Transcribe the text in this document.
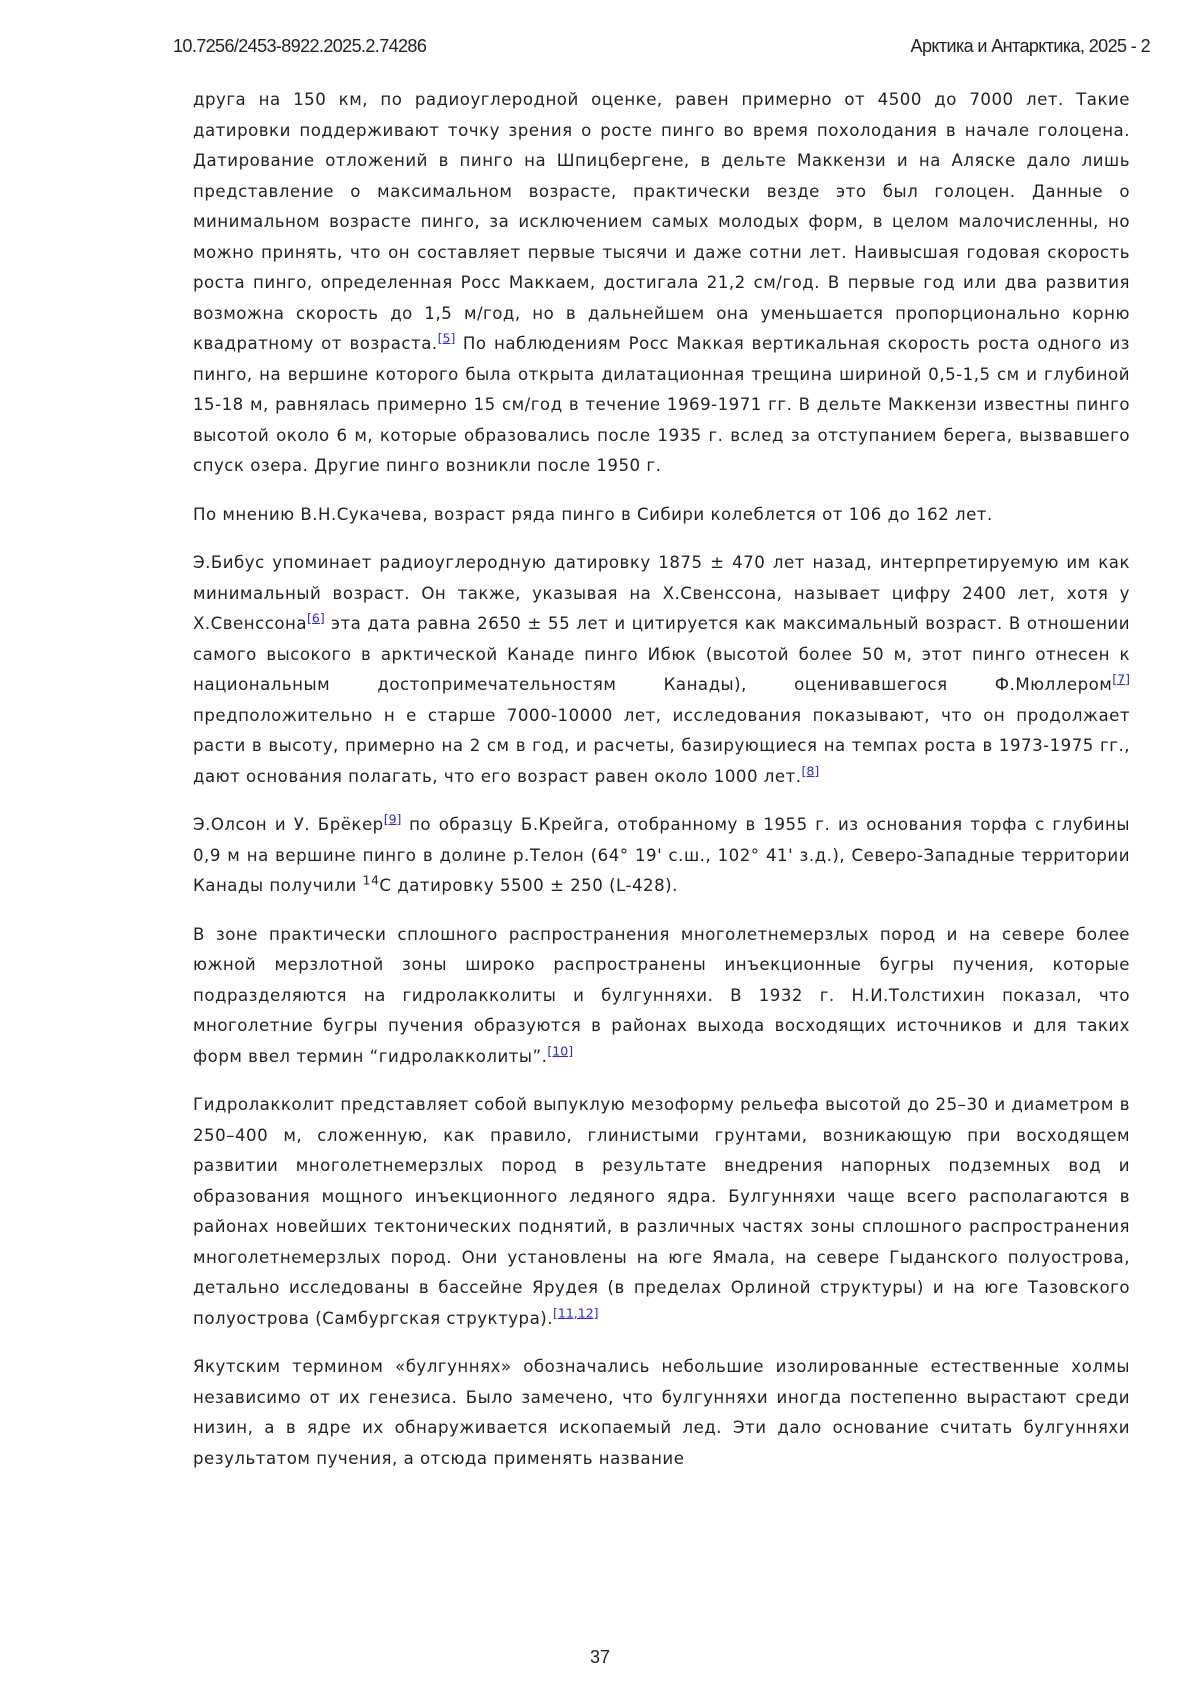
10.7256/2453-8922.2025.2.74286	Арктика и Антарктика, 2025 - 2

друга на 150 км, по радиоуглеродной оценке, равен примерно от 4500 до 7000 лет. Такие датировки поддерживают точку зрения о росте пинго во время похолодания в начале голоцена. Датирование отложений в пинго на Шпицбергене, в дельте Маккензи и на Аляске дало лишь представление о максимальном возрасте, практически везде это был голоцен. Данные о минимальном возрасте пинго, за исключением самых молодых форм, в целом малочисленны, но можно принять, что он составляет первые тысячи и даже сотни лет. Наивысшая годовая скорость роста пинго, определенная Росс Маккаем, достигала 21,2 см/год. В первые год или два развития возможна скорость до 1,5 м/год, но в дальнейшем она уменьшается пропорционально корню квадратному от возраста.[5] По наблюдениям Росс Маккая вертикальная скорость роста одного из пинго, на вершине которого была открыта дилатационная трещина шириной 0,5-1,5 см и глубиной 15-18 м, равнялась примерно 15 см/год в течение 1969-1971 гг. В дельте Маккензи известны пинго высотой около 6 м, которые образовались после 1935 г. вслед за отступанием берега, вызвавшего спуск озера. Другие пинго возникли после 1950 г.

По мнению В.Н.Сукачева, возраст ряда пинго в Сибири колеблется от 106 до 162 лет.

Э.Бибус упоминает радиоуглеродную датировку 1875 ± 470 лет назад, интерпретируемую им как минимальный возраст. Он также, указывая на Х.Свенссона, называет цифру 2400 лет, хотя у Х.Свенссона[6] эта дата равна 2650 ± 55 лет и цитируется как максимальный возраст. В отношении самого высокого в арктической Канаде пинго Ибюк (высотой более 50 м, этот пинго отнесен к национальным достопримечательностям Канады), оценивавшегося Ф.Мюллером[7] предположительно н е старше 7000-10000 лет, исследования показывают, что он продолжает расти в высоту, примерно на 2 см в год, и расчеты, базирующиеся на темпах роста в 1973-1975 гг., дают основания полагать, что его возраст равен около 1000 лет.[8]

Э.Олсон и У. Брёкер[9] по образцу Б.Крейга, отобранному в 1955 г. из основания торфа с глубины 0,9 м на вершине пинго в долине р.Телон (64° 19' с.ш., 102° 41' з.д.), Северо-Западные территории Канады получили $^{14}$С датировку 5500 ± 250 (L-428).

В зоне практически сплошного распространения многолетнемерзлых пород и на севере более южной мерзлотной зоны широко распространены инъекционные бугры пучения, которые подразделяются на гидролакколиты и булгунняхи. В 1932 г. Н.И.Толстихин показал, что многолетние бугры пучения образуются в районах выхода восходящих источников и для таких форм ввел термин “гидролакколиты”.[10]

Гидролакколит представляет собой выпуклую мезоформу рельефа высотой до 25–30 и диаметром в 250–400 м, сложенную, как правило, глинистыми грунтами, возникающую при восходящем развитии многолетнемерзлых пород в результате внедрения напорных подземных вод и образования мощного инъекционного ледяного ядра. Булгунняхи чаще всего располагаются в районах новейших тектонических поднятий, в различных частях зоны сплошного распространения многолетнемерзлых пород. Они установлены на юге Ямала, на севере Гыданского полуострова, детально исследованы в бассейне Ярудея (в пределах Орлиной структуры) и на юге Тазовского полуострова (Самбургская структура).[11,12]

Якутским термином «булгуннях» обозначались небольшие изолированные естественные холмы независимо от их генезиса. Было замечено, что булгунняхи иногда постепенно вырастают среди низин, а в ядре их обнаруживается ископаемый лед. Эти дало основание считать булгунняхи результатом пучения, а отсюда применять название

37
